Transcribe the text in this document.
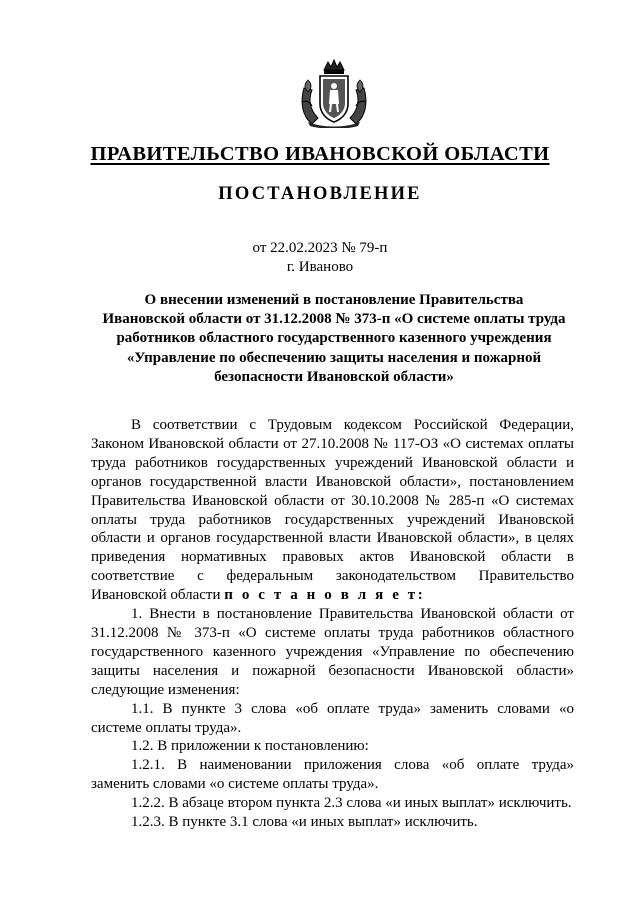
ПРАВИТЕЛЬСТВО ИВАНОВСКОЙ ОБЛАСТИ
ПОСТАНОВЛЕНИЕ
от 22.02.2023 № 79-п
г. Иваново
О внесении изменений в постановление Правительства
Ивановской области от 31.12.2008 № 373-п «О системе оплаты труда
работников областного государственного казенного учреждения
«Управление по обеспечению защиты населения и пожарной
безопасности Ивановской области»

В соответствии с Трудовым кодексом Российской Федерации, Законом Ивановской области от 27.10.2008 № 117-ОЗ «О системах оплаты труда работников государственных учреждений Ивановской области и органов государственной власти Ивановской области», постановлением Правительства Ивановской области от 30.10.2008 № 285-п «О системах оплаты труда работников государственных учреждений Ивановской области и органов государственной власти Ивановской области», в целях приведения нормативных правовых актов Ивановской области в соответствие с федеральным законодательством Правительство Ивановской области п о с т а н о в л я е т:

1. Внести в постановление Правительства Ивановской области от 31.12.2008 № 373-п «О системе оплаты труда работников областного государственного казенного учреждения «Управление по обеспечению защиты населения и пожарной безопасности Ивановской области» следующие изменения:

1.1. В пункте 3 слова «об оплате труда» заменить словами «о системе оплаты труда».

1.2. В приложении к постановлению:

1.2.1. В наименовании приложения слова «об оплате труда» заменить словами «о системе оплаты труда».

1.2.2. В абзаце втором пункта 2.3 слова «и иных выплат» исключить.

1.2.3. В пункте 3.1 слова «и иных выплат» исключить.
